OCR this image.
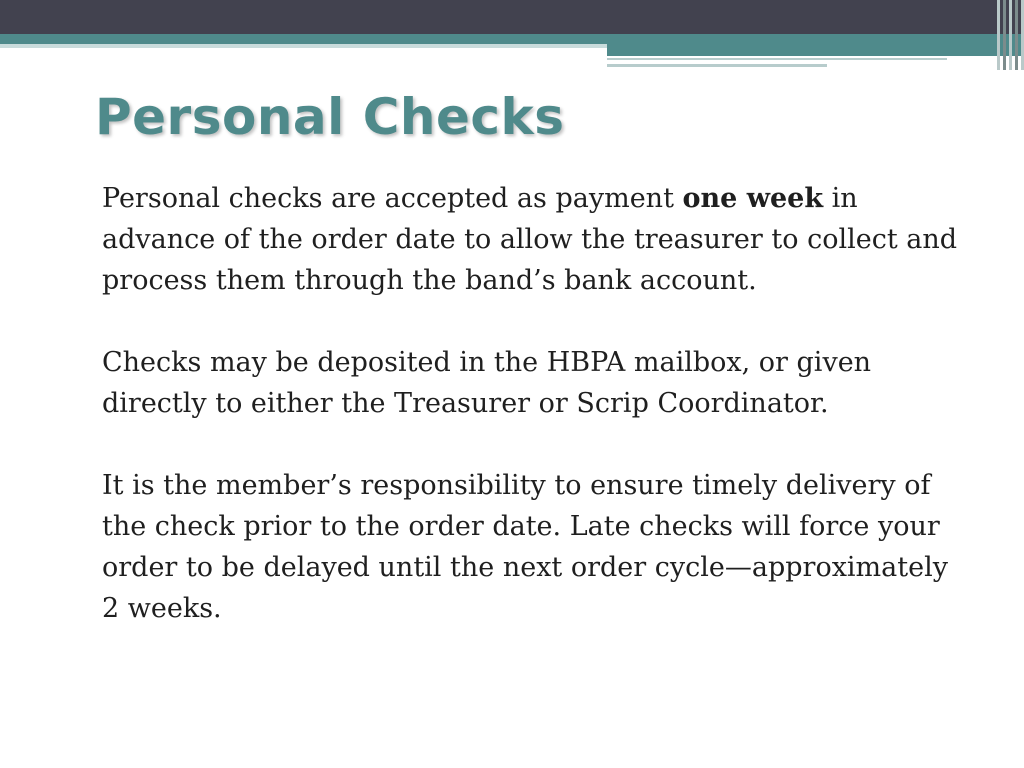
Personal Checks

Personal checks are accepted as payment one week in advance of the order date to allow the treasurer to collect and process them through the band’s bank account.

Checks may be deposited in the HBPA mailbox, or given directly to either the Treasurer or Scrip Coordinator.

It is the member’s responsibility to ensure timely delivery of the check prior to the order date. Late checks will force your order to be delayed until the next order cycle—approximately 2 weeks.
